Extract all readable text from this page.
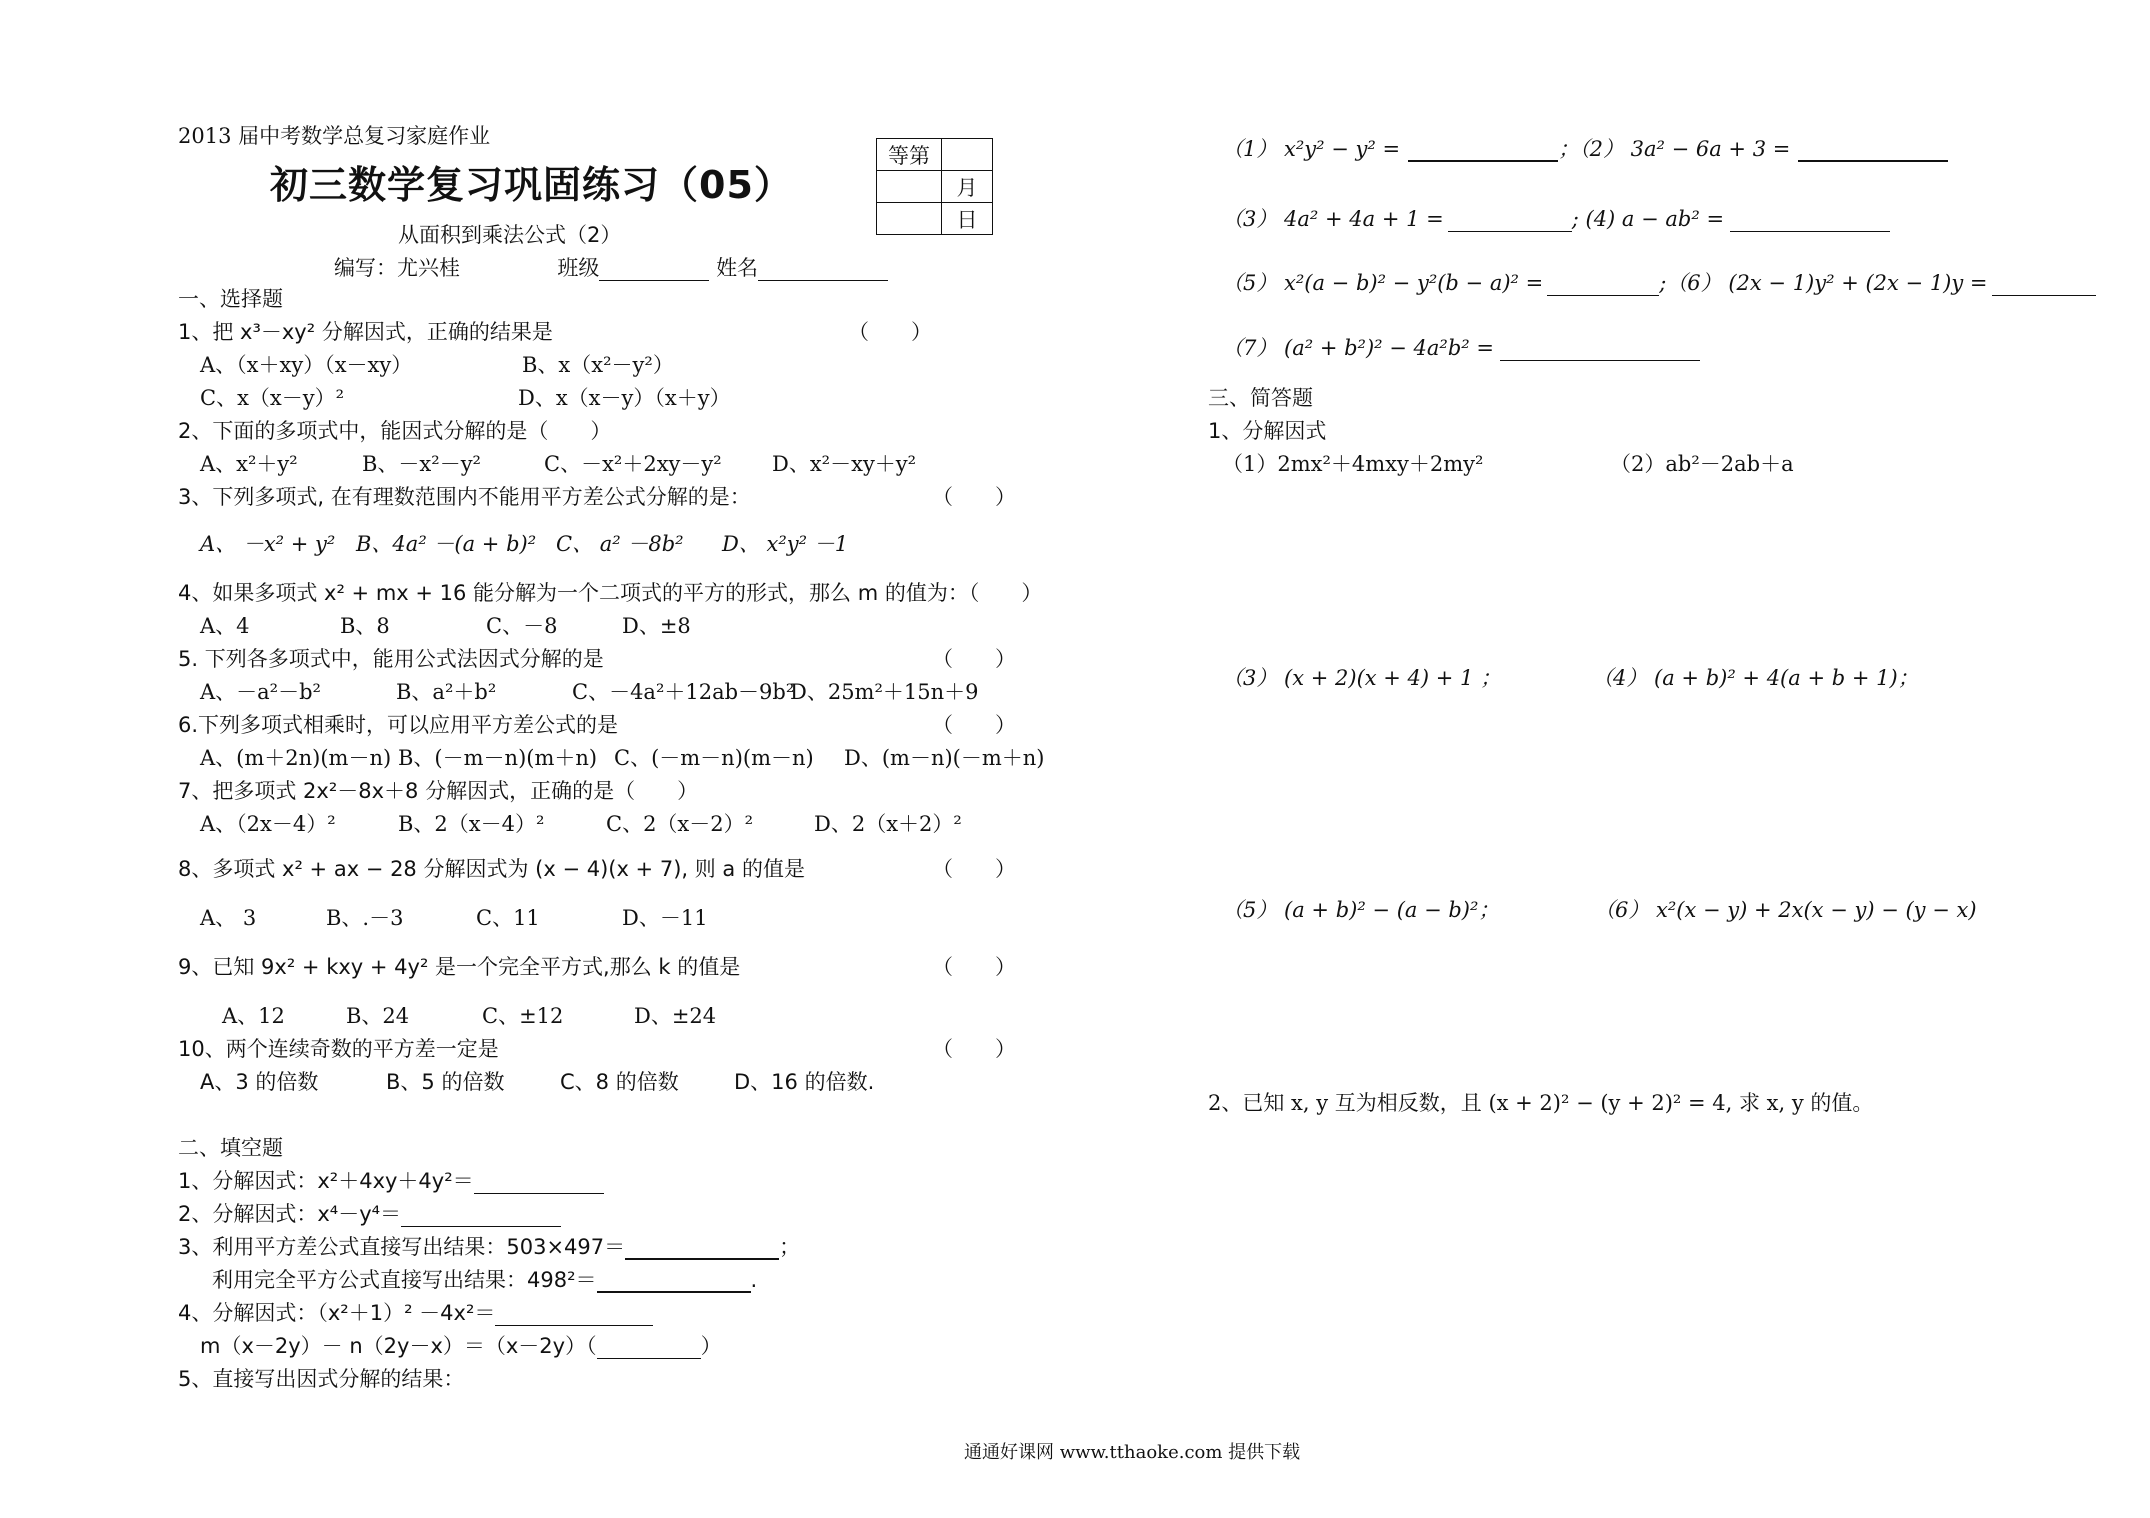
2013 届中考数学总复习家庭作业
初三数学复习巩固练习（05）
从面积到乘法公式（2）
编写：尤兴桂	班级	姓名
等第	
	月
	日
一、选择题
1、把 x³－xy² 分解因式，正确的结果是	（　　）
A、（x＋xy）（x－xy）	B、x（x²－y²）
C、x（x－y）²	D、x（x－y）（x＋y）
2、下面的多项式中，能因式分解的是（　　）
A、x²＋y²	B、－x²－y²	C、－x²＋2xy－y² D、x²－xy＋y²
3、下列多项式, 在有理数范围内不能用平方差公式分解的是：	（　　）
A、 －x² + y² B、4a² －(a + b)² C、 a² －8b² D、 x²y² －1
4、如果多项式 x² + mx + 16 能分解为一个二项式的平方的形式，那么 m 的值为：（　　）
A、4	B、8	C、－8	D、±8
5. 下列各多项式中，能用公式法因式分解的是	（　　）
A、－a²－b²	B、a²＋b²	C、－4a²＋12ab－9b²
D、25m²＋15n＋9
6.下列多项式相乘时，可以应用平方差公式的是	（　　）
A、(m＋2n)(m－n) B、(－m－n)(m＋n) C、(－m－n)(m－n) D、(m－n)(－m＋n)
7、把多项式 2x²－8x＋8 分解因式，正确的是（　　）
A、（2x－4）²	B、2（x－4）²	C、2（x－2）²	D、2（x＋2）²
8、多项式 x² + ax − 28 分解因式为 (x − 4)(x + 7), 则 a 的值是	（　　）
A、 3	B、.－3	C、11	D、－11
9、已知 9x² + kxy + 4y² 是一个完全平方式,那么 k 的值是	（　　）
A、12	B、24	C、±12	D、±24
10、两个连续奇数的平方差一定是	（　　）
A、3 的倍数	B、5 的倍数	C、8 的倍数	D、16 的倍数.
二、填空题
1、分解因式：x²＋4xy＋4y²＝
2、分解因式：x⁴－y⁴＝
3、利用平方差公式直接写出结果：503×497＝	；
利用完全平方公式直接写出结果：498²＝	.
4、分解因式：（x²＋1）² －4x²＝
m（x－2y）－ n（2y－x）＝（x－2y）（	）
5、直接写出因式分解的结果：
（1） x²y² − y² =	；（2） 3a² − 6a + 3 =
（3） 4a² + 4a + 1 =	; (4) a − ab² =
（5） x²(a − b)² − y²(b − a)² =	;（6） (2x − 1)y² + (2x − 1)y =
（7） (a² + b²)² − 4a²b² =
三、简答题
1、分解因式
（1）2mx²＋4mxy＋2my²	（2）ab²－2ab＋a
（3） (x + 2)(x + 4) + 1 ；	（4） (a + b)² + 4(a + b + 1)；
（5） (a + b)² − (a − b)²；	（6） x²(x − y) + 2x(x − y) − (y − x)
2、已知 x, y 互为相反数，且 (x + 2)² − (y + 2)² = 4, 求 x, y 的值。
通通好课网 www.tthaoke.com 提供下载
